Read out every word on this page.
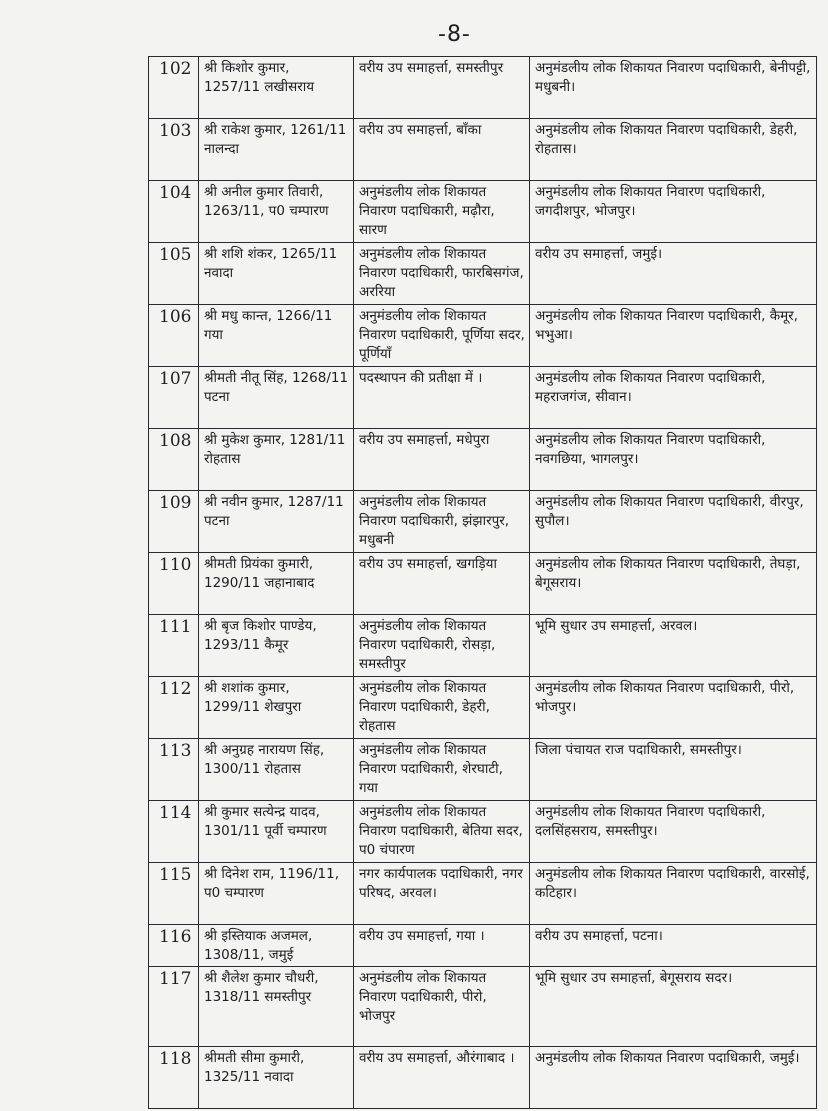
-8-
102	श्री किशोर कुमार, 1257/11 लखीसराय	वरीय उप समाहर्त्ता, समस्तीपुर	अनुमंडलीय लोक शिकायत निवारण पदाधिकारी, बेनीपट्टी, मधुबनी।
103	श्री राकेश कुमार, 1261/11 नालन्दा	वरीय उप समाहर्त्ता, बाँका	अनुमंडलीय लोक शिकायत निवारण पदाधिकारी, डेहरी, रोहतास।
104	श्री अनील कुमार तिवारी, 1263/11, प0 चम्पारण	अनुमंडलीय लोक शिकायत निवारण पदाधिकारी, मढ़ौरा, सारण	अनुमंडलीय लोक शिकायत निवारण पदाधिकारी, जगदीशपुर, भोजपुर।
105	श्री शशि शंकर, 1265/11 नवादा	अनुमंडलीय लोक शिकायत निवारण पदाधिकारी, फारबिसगंज, अररिया	वरीय उप समाहर्त्ता, जमुई।
106	श्री मधु कान्त, 1266/11 गया	अनुमंडलीय लोक शिकायत निवारण पदाधिकारी, पूर्णिया सदर, पूर्णियाँ	अनुमंडलीय लोक शिकायत निवारण पदाधिकारी, कैमूर, भभुआ।
107	श्रीमती नीतू सिंह, 1268/11 पटना	पदस्थापन की प्रतीक्षा में ।	अनुमंडलीय लोक शिकायत निवारण पदाधिकारी, महराजगंज, सीवान।
108	श्री मुकेश कुमार, 1281/11 रोहतास	वरीय उप समाहर्त्ता, मधेपुरा	अनुमंडलीय लोक शिकायत निवारण पदाधिकारी, नवगछिया, भागलपुर।
109	श्री नवीन कुमार, 1287/11 पटना	अनुमंडलीय लोक शिकायत निवारण पदाधिकारी, झंझारपुर, मधुबनी	अनुमंडलीय लोक शिकायत निवारण पदाधिकारी, वीरपुर, सुपौल।
110	श्रीमती प्रियंका कुमारी, 1290/11 जहानाबाद	वरीय उप समाहर्त्ता, खगड़िया	अनुमंडलीय लोक शिकायत निवारण पदाधिकारी, तेघड़ा, बेगूसराय।
111	श्री बृज किशोर पाण्डेय, 1293/11 कैमूर	अनुमंडलीय लोक शिकायत निवारण पदाधिकारी, रोसड़ा, समस्तीपुर	भूमि सुधार उप समाहर्त्ता, अरवल।
112	श्री शशांक कुमार, 1299/11 शेखपुरा	अनुमंडलीय लोक शिकायत निवारण पदाधिकारी, डेहरी, रोहतास	अनुमंडलीय लोक शिकायत निवारण पदाधिकारी, पीरो, भोजपुर।
113	श्री अनुग्रह नारायण सिंह, 1300/11 रोहतास	अनुमंडलीय लोक शिकायत निवारण पदाधिकारी, शेरघाटी, गया	जिला पंचायत राज पदाधिकारी, समस्तीपुर।
114	श्री कुमार सत्येन्द्र यादव, 1301/11 पूर्वी चम्पारण	अनुमंडलीय लोक शिकायत निवारण पदाधिकारी, बेतिया सदर, प0 चंपारण	अनुमंडलीय लोक शिकायत निवारण पदाधिकारी, दलसिंहसराय, समस्तीपुर।
115	श्री दिनेश राम, 1196/11, प0 चम्पारण	नगर कार्यपालक पदाधिकारी, नगर परिषद, अरवल।	अनुमंडलीय लोक शिकायत निवारण पदाधिकारी, वारसोई, कटिहार।
116	श्री इस्तियाक अजमल, 1308/11, जमुई	वरीय उप समाहर्त्ता, गया ।	वरीय उप समाहर्त्ता, पटना।
117	श्री शैलेश कुमार चौधरी, 1318/11 समस्तीपुर	अनुमंडलीय लोक शिकायत निवारण पदाधिकारी, पीरो, भोजपुर	भूमि सुधार उप समाहर्त्ता, बेगूसराय सदर।
118	श्रीमती सीमा कुमारी, 1325/11 नवादा	वरीय उप समाहर्त्ता, औरंगाबाद ।	अनुमंडलीय लोक शिकायत निवारण पदाधिकारी, जमुई।
